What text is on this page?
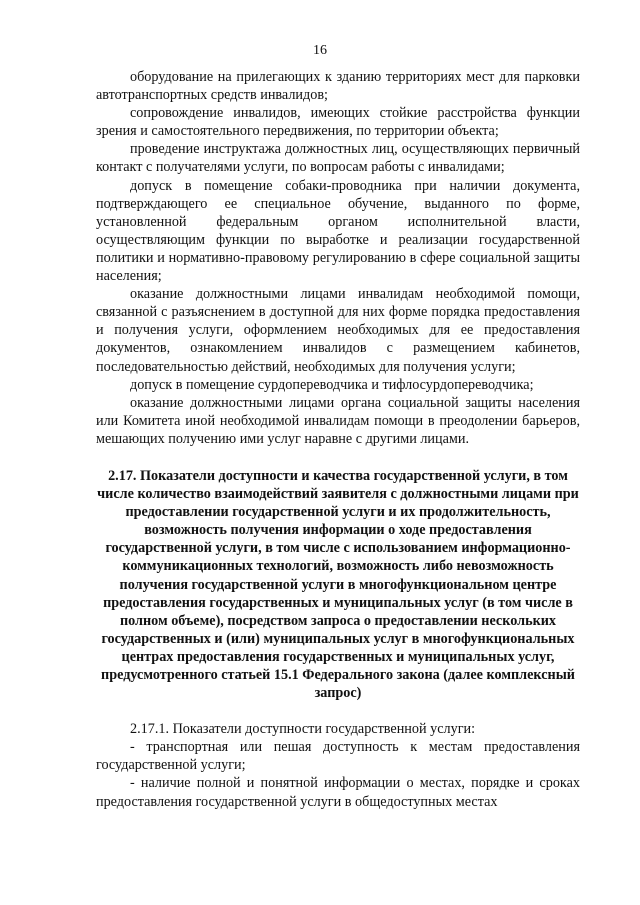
16

оборудование на прилегающих к зданию территориях мест для парковки автотранспортных средств инвалидов;

сопровождение инвалидов, имеющих стойкие расстройства функции зрения и самостоятельного передвижения, по территории объекта;

проведение инструктажа должностных лиц, осуществляющих первичный контакт с получателями услуги, по вопросам работы с инвалидами;

допуск в помещение собаки-проводника при наличии документа, подтверждающего ее специальное обучение, выданного по форме, установленной федеральным органом исполнительной власти, осуществляющим функции по выработке и реализации государственной политики и нормативно-правовому регулированию в сфере социальной защиты населения;

оказание должностными лицами инвалидам необходимой помощи, связанной с разъяснением в доступной для них форме порядка предоставления и получения услуги, оформлением необходимых для ее предоставления документов, ознакомлением инвалидов с размещением кабинетов, последовательностью действий, необходимых для получения услуги;

допуск в помещение сурдопереводчика и тифлосурдопереводчика;

оказание должностными лицами органа социальной защиты населения или Комитета иной необходимой инвалидам помощи в преодолении барьеров, мешающих получению ими услуг наравне с другими лицами.

2.17. Показатели доступности и качества государственной услуги, в том числе количество взаимодействий заявителя с должностными лицами при предоставлении государственной услуги и их продолжительность, возможность получения информации о ходе предоставления государственной услуги, в том числе с использованием информационно-коммуникационных технологий, возможность либо невозможность получения государственной услуги в многофункциональном центре предоставления государственных и муниципальных услуг (в том числе в полном объеме), посредством запроса о предоставлении нескольких государственных и (или) муниципальных услуг в многофункциональных центрах предоставления государственных и муниципальных услуг, предусмотренного статьей 15.1 Федерального закона (далее комплексный запрос)

2.17.1. Показатели доступности государственной услуги:

- транспортная или пешая доступность к местам предоставления государственной услуги;

- наличие полной и понятной информации о местах, порядке и сроках предоставления государственной услуги в общедоступных местах
